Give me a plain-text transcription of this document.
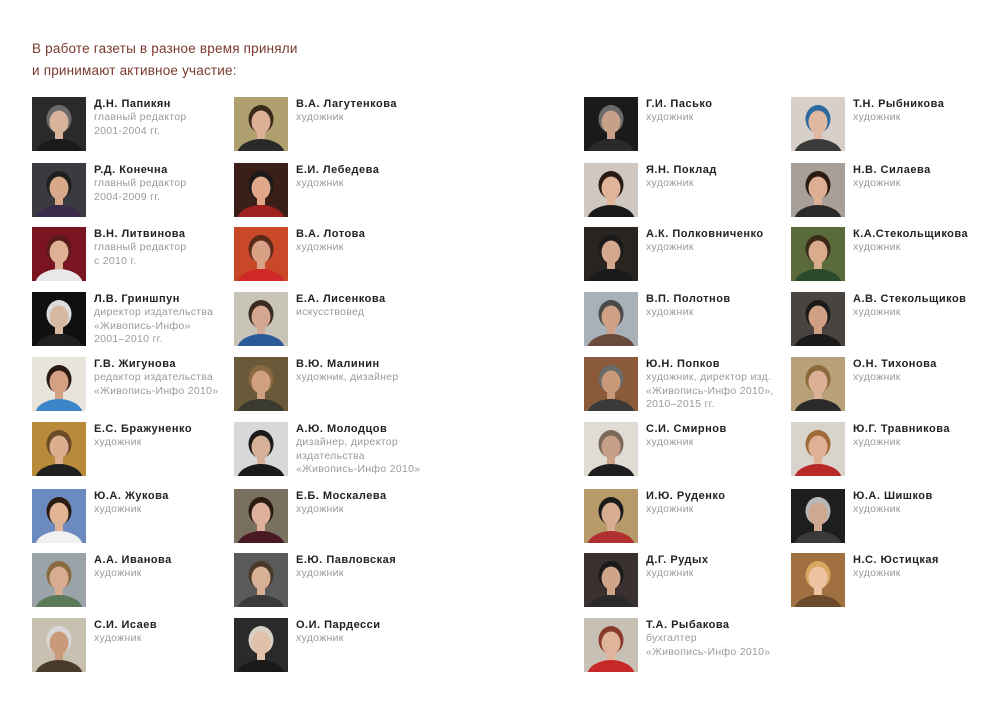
В работе газеты в разное время приняли
и принимают активное участие:
Д.Н. Папикян
главный редактор
2001-2004 гг.
Р.Д. Конечна
главный редактор
2004-2009 гг.
В.Н. Литвинова
главный редактор
с 2010 г.
Л.В. Гриншпун
директор издательства
«Живопись-Инфо»
2001–2010 гг.
Г.В. Жигунова
редактор издательства
«Живопись-Инфо 2010»
Е.С. Бражуненко
художник
Ю.А. Жукова
художник
А.А. Иванова
художник
С.И. Исаев
художник
В.А. Лагутенкова
художник
Е.И. Лебедева
художник
В.А. Лотова
художник
Е.А. Лисенкова
искусствовед
В.Ю. Малинин
художник, дизайнер
А.Ю. Молодцов
дизайнер, директор
издательства
«Живопись-Инфо 2010»
Е.Б. Москалева
художник
Е.Ю. Павловская
художник
О.И. Пардесси
художник
Г.И. Пасько
художник
Я.Н. Поклад
художник
А.К. Полковниченко
художник
В.П. Полотнов
художник
Ю.Н. Попков
художник, директор изд.
«Живопись-Инфо 2010»,
2010–2015 гг.
С.И. Смирнов
художник
И.Ю. Руденко
художник
Д.Г. Рудых
художник
Т.А. Рыбакова
бухгалтер
«Живопись-Инфо 2010»
Т.Н. Рыбникова
художник
Н.В. Силаева
художник
К.А.Стекольщикова
художник
А.В. Стекольщиков
художник
О.Н. Тихонова
художник
Ю.Г. Травникова
художник
Ю.А. Шишков
художник
Н.С. Юстицкая
художник
